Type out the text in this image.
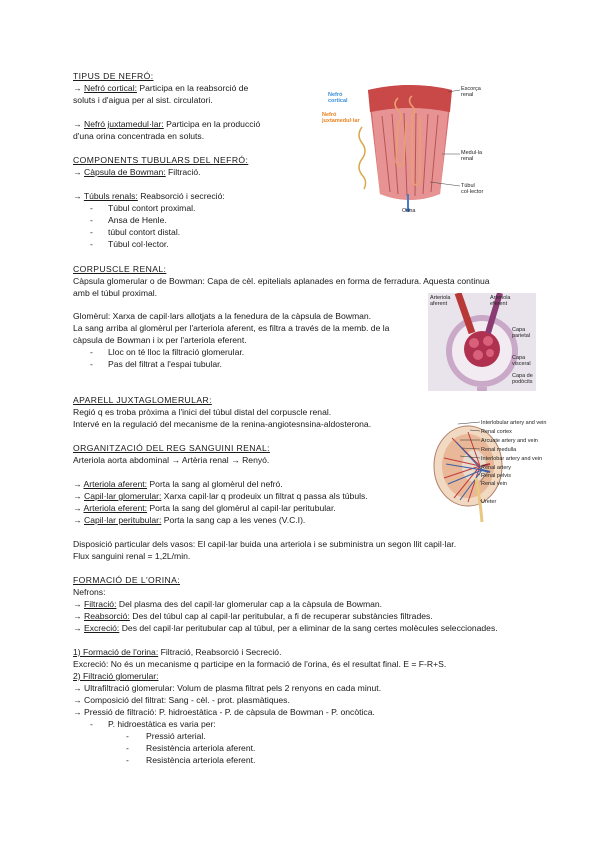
TIPUS DE NEFRÓ:
→ Nefró cortical: Participa en la reabsorció de
soluts i d'aigua per al sist. circulatori.
→ Nefró juxtamedul·lar: Participa en la producció
d'una orina concentrada en soluts.
COMPONENTS TUBULARS DEL NEFRÓ:
→ Càpsula de Bowman: Filtració.
→ Túbuls renals: Reabsorció i secreció:
- Túbul contort proximal.
- Ansa de Henle.
- túbul contort distal.
- Túbul col·lector.
CORPUSCLE RENAL:
Càpsula glomerular o de Bowman: Capa de cèl. epitelials aplanades en forma de ferradura. Aquesta continua
amb el túbul proximal.
Glomèrul: Xarxa de capil·lars allotjats a la fenedura de la càpsula de Bowman.
La sang arriba al glomèrul per l'arteriola aferent, es filtra a través de la memb. de la
càpsula de Bowman i ix per l'arteriola eferent.
- Lloc on té lloc la filtració glomerular.
- Pas del filtrat a l'espai tubular.
APARELL JUXTAGLOMERULAR:
Regió q es troba pròxima a l'inici del túbul distal del corpuscle renal.
Intervé en la regulació del mecanisme de la renina-angiotesnsina-aldosterona.
ORGANITZACIÓ DEL REG SANGUINI RENAL:
Arteriola aorta abdominal → Artèria renal → Renyó.
→ Arteriola aferent: Porta la sang al glomèrul del nefró.
→ Capil·lar glomerular: Xarxa capil·lar q prodeuix un filtrat q passa als túbuls.
→ Arteriola eferent: Porta la sang del glomèrul al capil·lar peritubular.
→ Capil·lar peritubular: Porta la sang cap a les venes (V.C.I).
Disposició particular dels vasos: El capil·lar buida una arteriola i se subministra un segon llit capil·lar.
Flux sanguini renal = 1,2L/min.
FORMACIÓ DE L'ORINA:
Nefrons:
→ Filtració: Del plasma des del capil·lar glomerular cap a la càpsula de Bowman.
→ Reabsorció: Des del túbul cap al capil·lar peritubular, a fi de recuperar substàncies filtrades.
→ Excreció: Des del capil·lar peritubular cap al túbul, per a eliminar de la sang certes molècules seleccionades.
1) Formació de l'orina: Filtració, Reabsorció i Secreció.
Excreció: No és un mecanisme q participe en la formació de l'orina, és el resultat final. E = F-R+S.
2) Filtració glomerular:
→ Ultrafiltració glomerular: Volum de plasma filtrat pels 2 renyons en cada minut.
→ Composició del filtrat: Sang - cèl. - prot. plasmàtiques.
→ Pressió de filtració: P. hidroestàtica - P. de càpsula de Bowman - P. oncòtica.
- P. hidroestàtica es varia per:
- Pressió arterial.
- Resistència arteriola aferent.
- Resistència arteriola eferent.
Nefró
cortical
Nefró
juxtamedul·lar
Escorça
renal
Medul·la
renal
Túbul
col·lector
Orina
Arteriola
aferent
Arteriola
eferent
Capa
parietal
Capa
visceral
Capa de
podòcits
Interlobular artery and vein
Renal cortex
Arcuate artery and vein
Renal medulla
Interlobar artery and vein
Renal artery
Renal pelvis
Renal vein
Ureter
